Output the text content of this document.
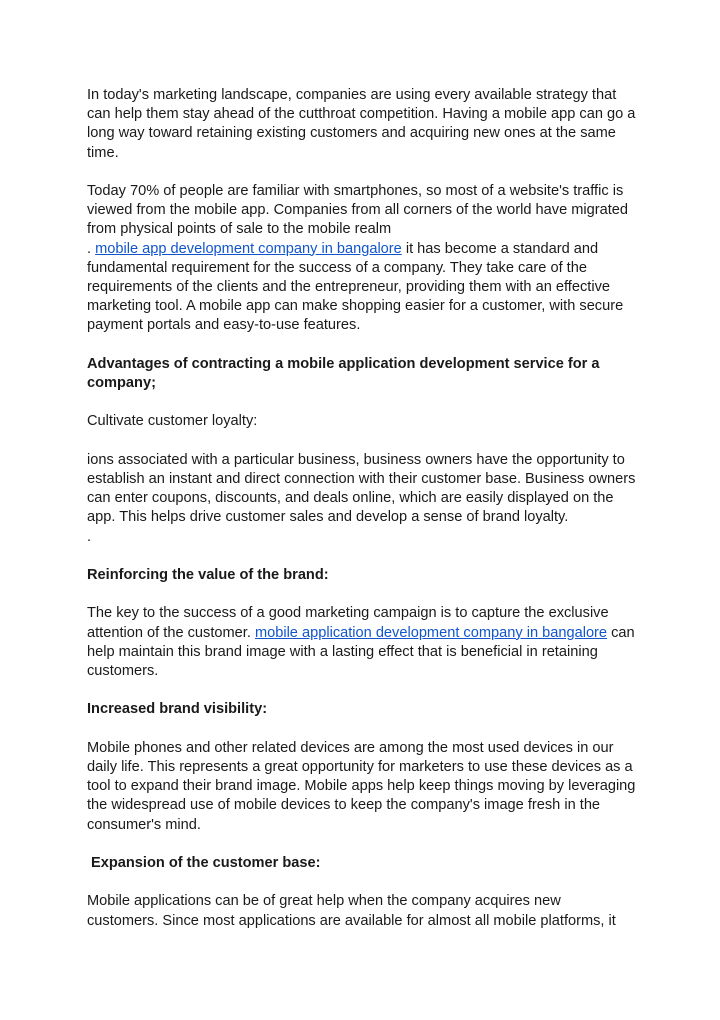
In today's marketing landscape, companies are using every available strategy that
can help them stay ahead of the cutthroat competition. Having a mobile app can go a
long way toward retaining existing customers and acquiring new ones at the same
time.

Today 70% of people are familiar with smartphones, so most of a website's traffic is
viewed from the mobile app. Companies from all corners of the world have migrated
from physical points of sale to the mobile realm
. mobile app development company in bangalore it has become a standard and
fundamental requirement for the success of a company. They take care of the
requirements of the clients and the entrepreneur, providing them with an effective
marketing tool. A mobile app can make shopping easier for a customer, with secure
payment portals and easy-to-use features.

Advantages of contracting a mobile application development service for a
company;

Cultivate customer loyalty:

ions associated with a particular business, business owners have the opportunity to
establish an instant and direct connection with their customer base. Business owners
can enter coupons, discounts, and deals online, which are easily displayed on the
app. This helps drive customer sales and develop a sense of brand loyalty.
.

Reinforcing the value of the brand:

The key to the success of a good marketing campaign is to capture the exclusive
attention of the customer. mobile application development company in bangalore can
help maintain this brand image with a lasting effect that is beneficial in retaining
customers.

Increased brand visibility:

Mobile phones and other related devices are among the most used devices in our
daily life. This represents a great opportunity for marketers to use these devices as a
tool to expand their brand image. Mobile apps help keep things moving by leveraging
the widespread use of mobile devices to keep the company's image fresh in the
consumer's mind.

Expansion of the customer base:

Mobile applications can be of great help when the company acquires new
customers. Since most applications are available for almost all mobile platforms, it
